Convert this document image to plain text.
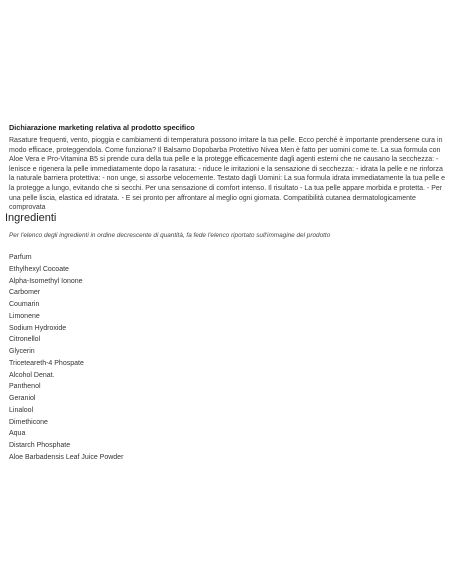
Dichiarazione marketing relativa al prodotto specifico

Rasature frequenti, vento, pioggia e cambiamenti di temperatura possono irritare la tua pelle. Ecco perché è importante prendersene cura in modo efficace, proteggendola. Come funziona? Il Balsamo Dopobarba Protettivo Nivea Men è fatto per uomini come te. La sua formula con Aloe Vera e Pro-Vitamina B5 si prende cura della tua pelle e la protegge efficacemente dagli agenti esterni che ne causano la secchezza: - lenisce e rigenera la pelle immediatamente dopo la rasatura: - riduce le irritazioni e la sensazione di secchezza: - idrata la pelle e ne rinforza la naturale barriera protettiva: - non unge, si assorbe velocemente. Testato dagli Uomini: La sua formula idrata immediatamente la tua pelle e la protegge a lungo, evitando che si secchi. Per una sensazione di comfort intenso. Il risultato - La tua pelle appare morbida e protetta. - Per una pelle liscia, elastica ed idratata. - E sei pronto per affrontare al meglio ogni giornata. Compatibilità cutanea dermatologicamente comprovata

Ingredienti

Per l'elenco degli ingredienti in ordine decrescente di quantità, fa fede l'elenco riportato sull'immagine del prodotto

Parfum
Ethylhexyl Cocoate
Alpha-Isomethyl Ionone
Carbomer
Coumarin
Limonene
Sodium Hydroxide
Citronellol
Glycerin
Triceteareth-4 Phospate
Alcohol Denat.
Panthenol
Geraniol
Linalool
Dimethicone
Aqua
Distarch Phosphate
Aloe Barbadensis Leaf Juice Powder
